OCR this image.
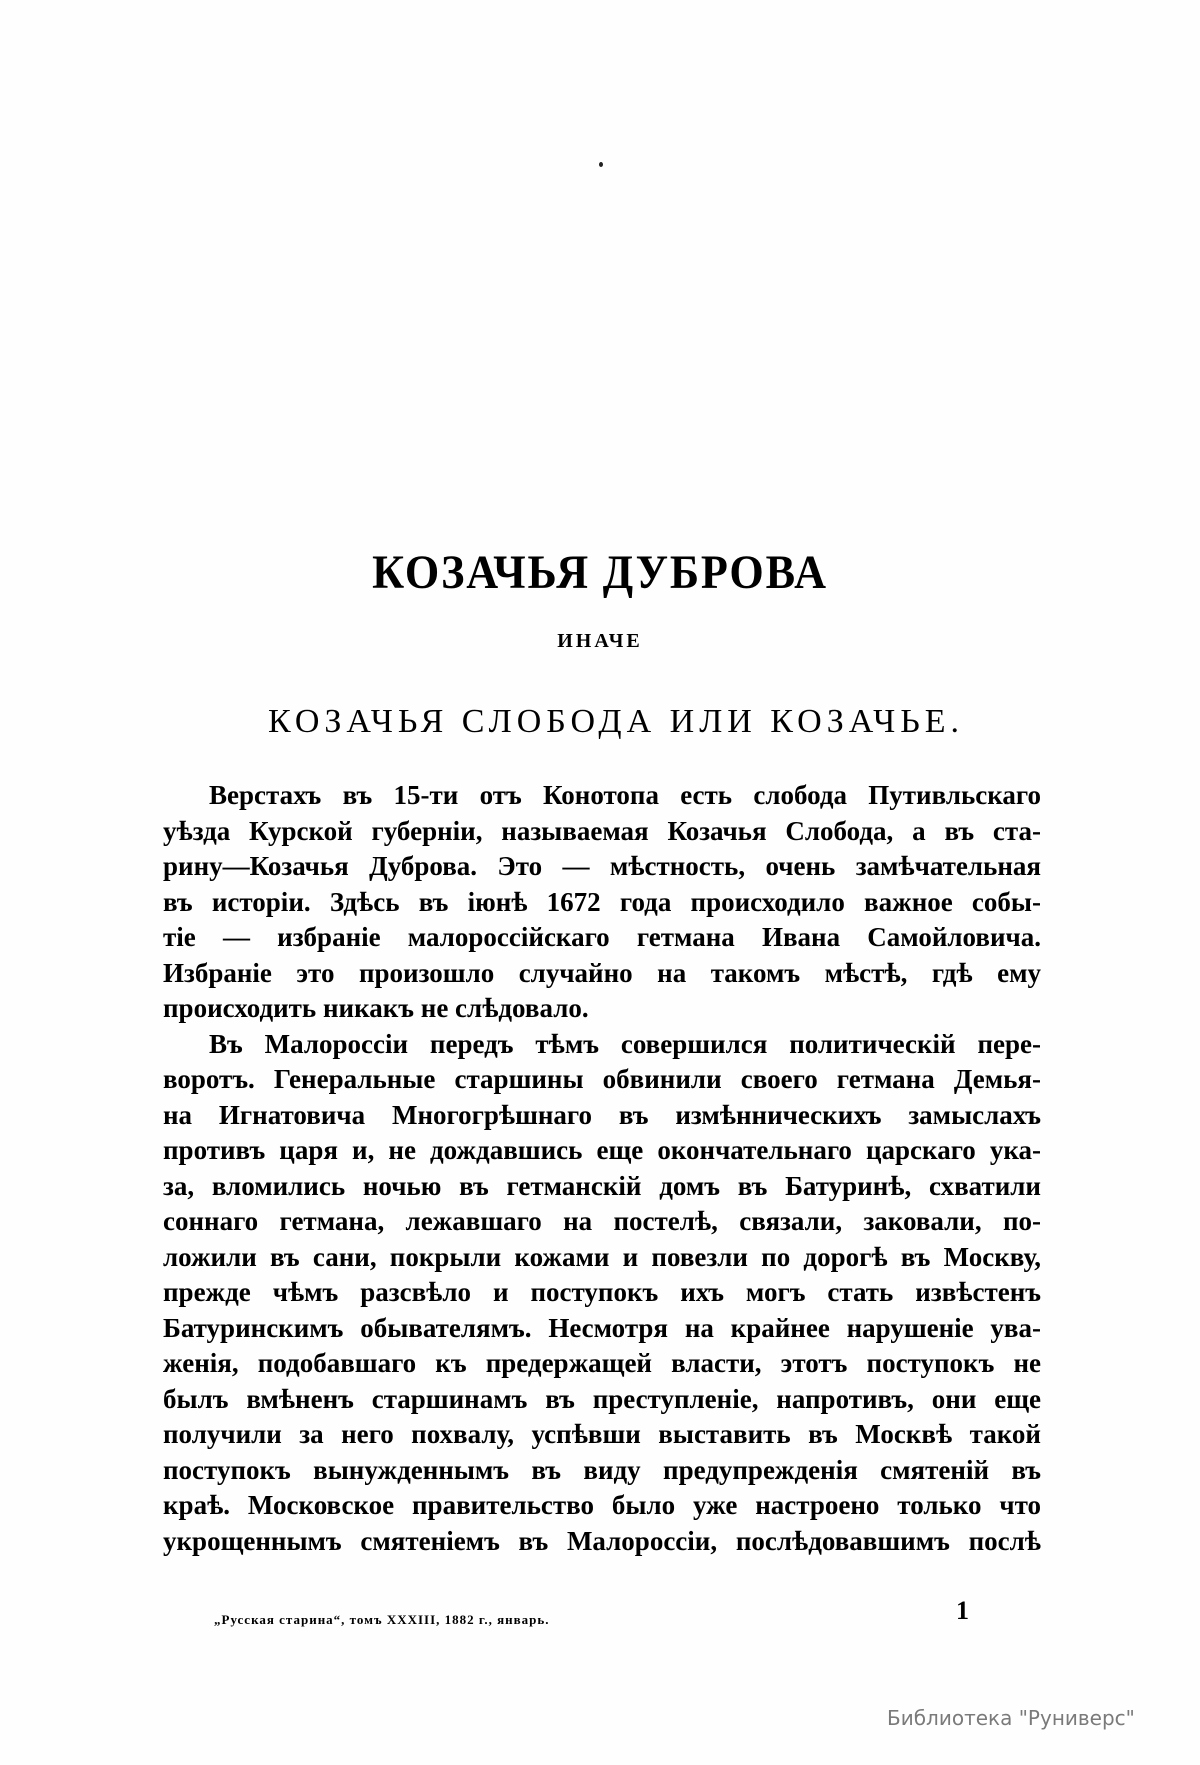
КОЗАЧЬЯ ДУБРОВА
ИНАЧЕ
КОЗАЧЬЯ СЛОБОДА ИЛИ КОЗАЧЬЕ.
Верстахъ въ 15-ти отъ Конотопа есть слобода Путивльскаго
уѣзда Курской губерніи, называемая Козачья Слобода, а въ ста-
рину—Козачья Дуброва. Это — мѣстность, очень замѣчательная
въ исторіи. Здѣсь въ іюнѣ 1672 года происходило важное собы-
тіе — избраніе малороссійскаго гетмана Ивана Самойловича.
Избраніе это произошло случайно на такомъ мѣстѣ, гдѣ ему
происходить никакъ не слѣдовало.
Въ Малороссіи передъ тѣмъ совершился политическій пере-
воротъ. Генеральные старшины обвинили своего гетмана Демья-
на Игнатовича Многогрѣшнаго въ измѣнническихъ замыслахъ
противъ царя и, не дождавшись еще окончательнаго царскаго ука-
за, вломились ночью въ гетманскій домъ въ Батуринѣ, схватили
соннаго гетмана, лежавшаго на постелѣ, связали, заковали, по-
ложили въ сани, покрыли кожами и повезли по дорогѣ въ Москву,
прежде чѣмъ разсвѣло и поступокъ ихъ могъ стать извѣстенъ
Батуринскимъ обывателямъ. Несмотря на крайнее нарушеніе ува-
женія, подобавшаго къ предержащей власти, этотъ поступокъ не
былъ вмѣненъ старшинамъ въ преступленіе, напротивъ, они еще
получили за него похвалу, успѣвши выставить въ Москвѣ такой
поступокъ вынужденнымъ въ виду предупрежденія смятеній въ
краѣ. Московское правительство было уже настроено только что
укрощеннымъ смятеніемъ въ Малороссіи, послѣдовавшимъ послѣ
„Русская старина“, томъ XXXIII, 1882 г., январь.	1
Библиотека "Руниверс"
